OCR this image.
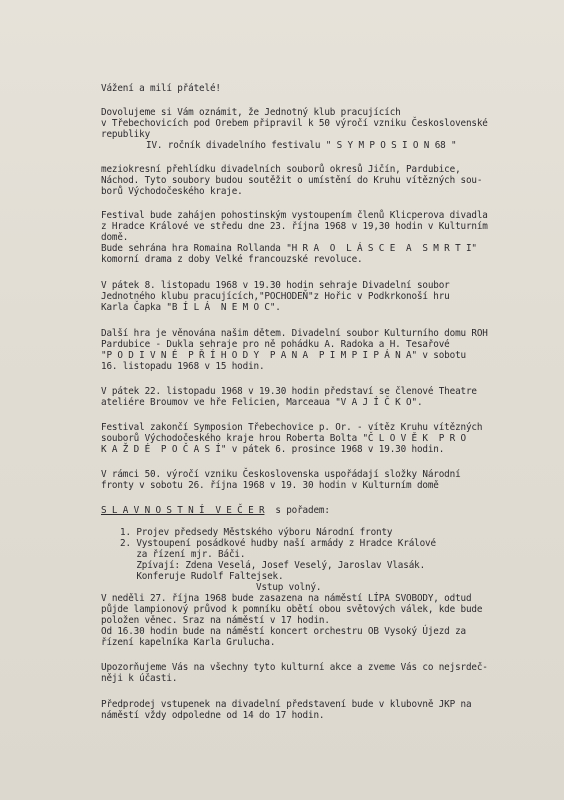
Vážení a milí přátelé!

Dovolujeme si Vám oznámit, že Jednotný klub pracujících

v Třebechovicích pod Orebem připravil k 50 výročí vzniku Československé

republiky

IV. ročník divadelního festivalu " S Y M P O S I O N 68 "

meziokresní přehlídku divadelních souborů okresů Jičín, Pardubice,

Náchod. Tyto soubory budou soutěžit o umístění do Kruhu vítězných sou-

borů Východočeského kraje.

Festival bude zahájen pohostinským vystoupením členů Klicperova divadla

z Hradce Králové ve středu dne 23. října 1968 v 19,30 hodin v Kulturním

domě.

Bude sehrána hra Romaina Rollanda "H R A  O  L Á S C E  A  S M R T I"

komorní drama z doby Velké francouzské revoluce.

V pátek 8. listopadu 1968 v 19.30 hodin sehraje Divadelní soubor

Jednotného klubu pracujících,"POCHODEŇ"z Hořic v Podkrkonoší hru

Karla Čapka "B Í L Á  N E M O C".

Další hra je věnována našim dětem. Divadelní soubor Kulturního domu ROH

Pardubice - Dukla sehraje pro ně pohádku A. Radoka a H. Tesařové

"P O D I V N É  P Ř Í H O D Y  P A N A  P I M P I P Á N A" v sobotu

16. listopadu 1968 v 15 hodin.

V pátek 22. listopadu 1968 v 19.30 hodin představí se členové Theatre

ateliére Broumov ve hře Felicien, Marceaua "V A J Í Č K O".

Festival zakončí Symposion Třebechovice p. Or. - vítěz Kruhu vítězných

souborů Východočeského kraje hrou Roberta Bolta "Č L O V Ě K  P R O

K A Ž D É  P O Č A S Í" v pátek 6. prosince 1968 v 19.30 hodin.

V rámci 50. výročí vzniku Československa uspořádají složky Národní

fronty v sobotu 26. října 1968 v 19. 30 hodin v Kulturním domě

S L A V N O S T N Í  V E Č E R  s pořadem:

1. Projev předsedy Městského výboru Národní fronty

2. Vystoupení posádkové hudby naší armády z Hradce Králové

za řízení mjr. Báči.

Zpívají: Zdena Veselá, Josef Veselý, Jaroslav Vlasák.

Konferuje Rudolf Faltejsek.

Vstup volný.

V neděli 27. října 1968 bude zasazena na náměstí LÍPA SVOBODY, odtud

půjde lampionový průvod k pomníku obětí obou světových válek, kde bude

položen věnec. Sraz na náměstí v 17 hodin.

Od 16.30 hodin bude na náměstí koncert orchestru OB Vysoký Újezd za

řízení kapelníka Karla Grulucha.

Upozorňujeme Vás na všechny tyto kulturní akce a zveme Vás co nejsrdeč-

něji k účasti.

Předprodej vstupenek na divadelní představení bude v klubovně JKP na

náměstí vždy odpoledne od 14 do 17 hodin.
